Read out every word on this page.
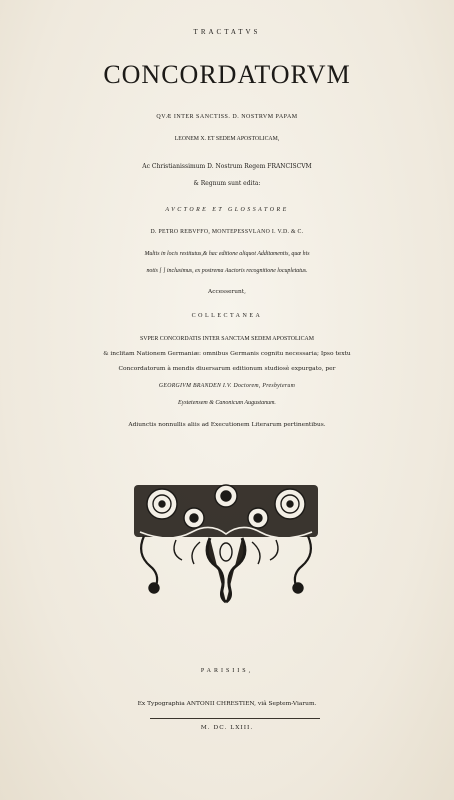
TRACTATVS
CONCORDATORVM
QVÆ INTER SANCTISS. D. NOSTRVM PAPAM
LEONEM X. ET SEDEM APOSTOLICAM,
Ac Christianissimum D. Nostrum Regem FRANCISCVM
& Regnum sunt edita:
AVCTORE ET GLOSSATORE
D. PETRO REBVFFO, MONTEPESSVLANO I. V.D. & C.
Multis in locis restitutus,& hac editione aliquot Additamentis, quæ his
notis [ ] inclusimus, ex postrema Auctoris recognitione locupletatus.
Accesserunt,
COLLECTANEA
SVPER CONCORDATIS INTER SANCTAM SEDEM APOSTOLICAM
& inclitam Nationem Germaniæ: omnibus Germanis cognitu necessaria; Ipso textu
Concordatorum à mendis diuersarum editionum studiosè expurgato, per
GEORGIVM BRANDEN I.V. Doctorem, Presbyterum
Eystetensem & Canonicum Augustanum.
Adiunctis nonnullis aliis ad Executionem Literarum pertinentibus.
PARISIIS,
Ex Typographia ANTONII CHRESTIEN, viâ Septem-Viarum.
M. DC. LXIII.
